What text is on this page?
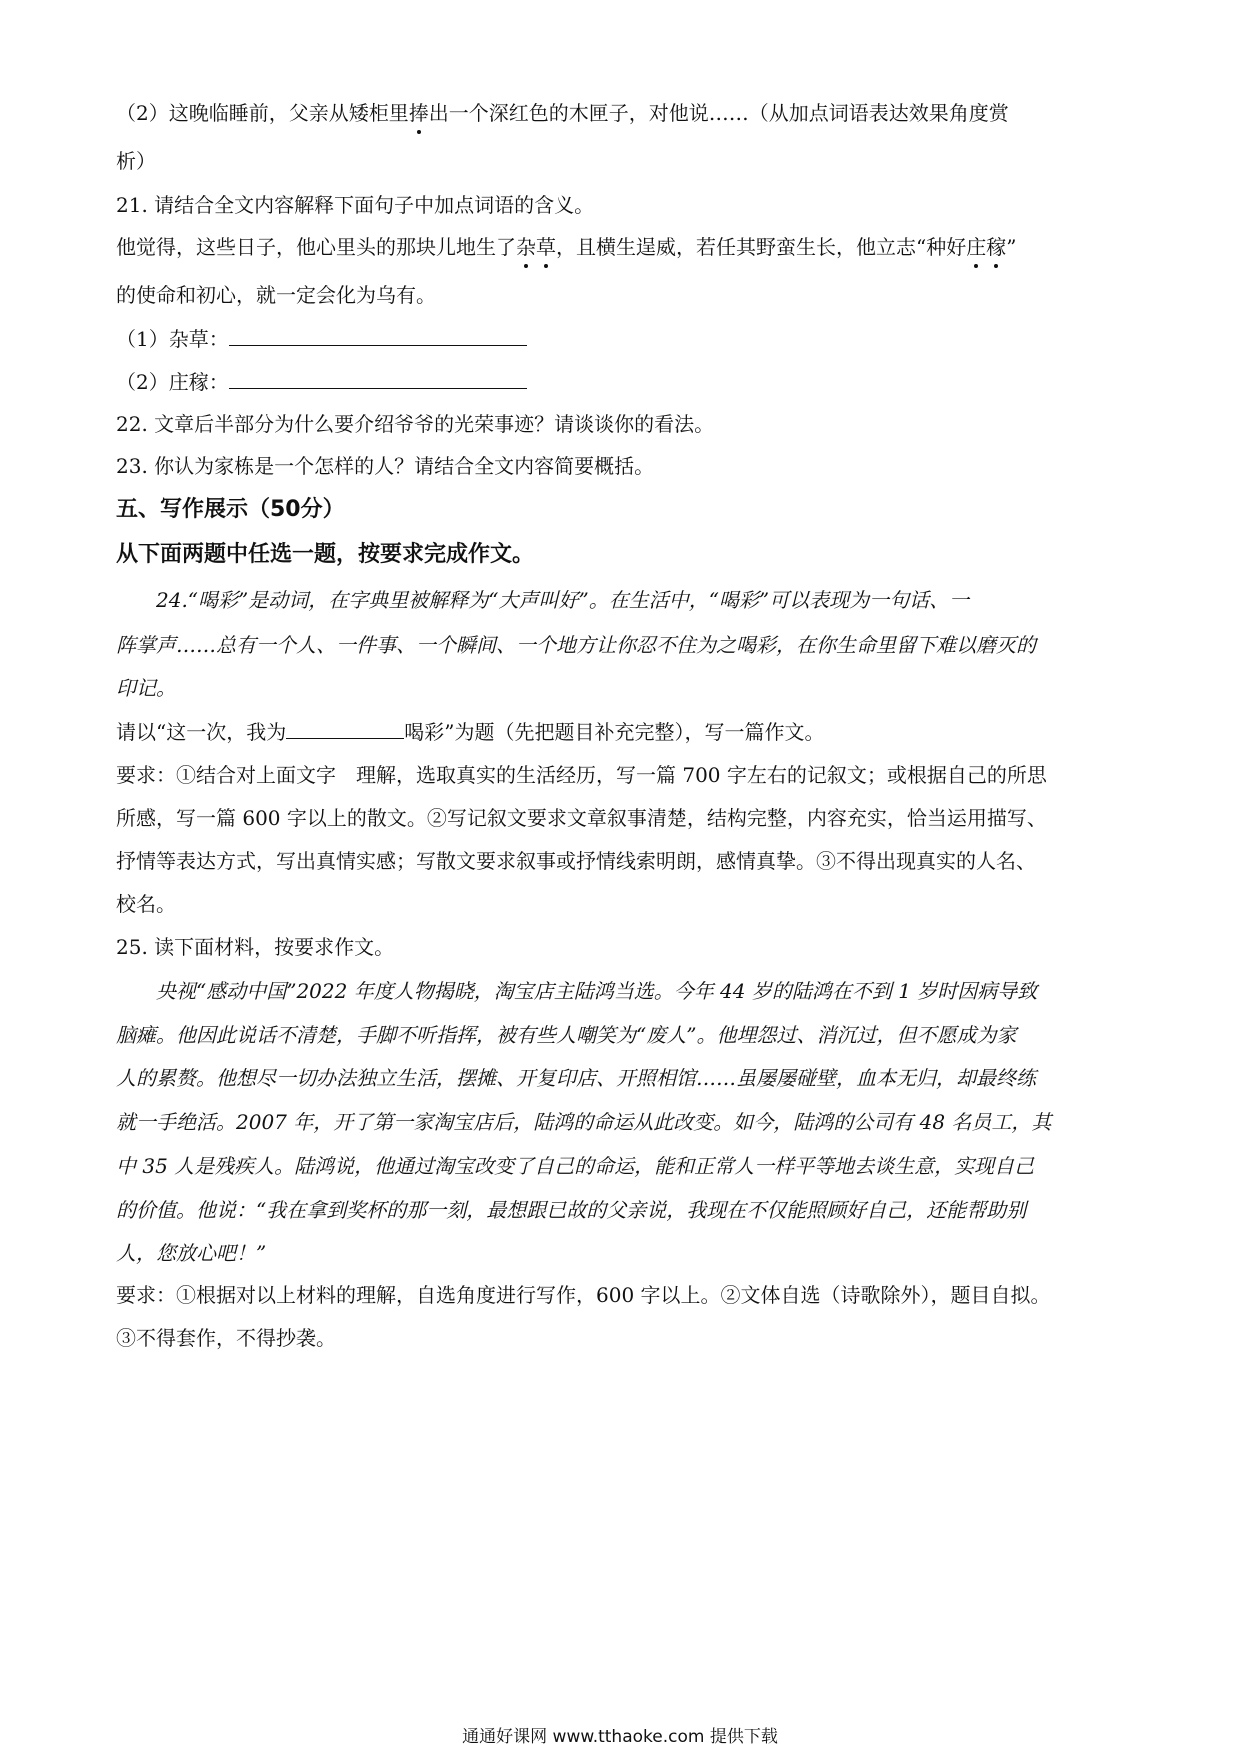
（2）这晚临睡前，父亲从矮柜里捧出一个深红色的木匣子，对他说……（从加点词语表达效果角度赏
析）
21. 请结合全文内容解释下面句子中加点词语的含义。
他觉得，这些日子，他心里头的那块儿地生了杂草，且横生逞威，若任其野蛮生长，他立志“种好庄稼”
的使命和初心，就一定会化为乌有。
（1）杂草：
（2）庄稼：
22. 文章后半部分为什么要介绍爷爷的光荣事迹？请谈谈你的看法。
23. 你认为家栋是一个怎样的人？请结合全文内容简要概括。
五、写作展示（50分）
从下面两题中任选一题，按要求完成作文。
24.“喝彩”是动词，在字典里被解释为“大声叫好”。在生活中，“喝彩”可以表现为一句话、一
阵掌声……总有一个人、一件事、一个瞬间、一个地方让你忍不住为之喝彩，在你生命里留下难以磨灭的
印记。
请以“这一次，我为	喝彩”为题（先把题目补充完整），写一篇作文。
要求：①结合对上面文字　理解，选取真实的生活经历，写一篇 700 字左右的记叙文；或根据自己的所思
所感，写一篇 600 字以上的散文。②写记叙文要求文章叙事清楚，结构完整，内容充实，恰当运用描写、
抒情等表达方式，写出真情实感；写散文要求叙事或抒情线索明朗，感情真挚。③不得出现真实的人名、
校名。
25. 读下面材料，按要求作文。
央视“感动中国”2022 年度人物揭晓，淘宝店主陆鸿当选。今年 44 岁的陆鸿在不到 1 岁时因病导致
脑瘫。他因此说话不清楚，手脚不听指挥，被有些人嘲笑为“废人”。他埋怨过、消沉过，但不愿成为家
人的累赘。他想尽一切办法独立生活，摆摊、开复印店、开照相馆……虽屡屡碰壁，血本无归，却最终练
就一手绝活。2007 年，开了第一家淘宝店后，陆鸿的命运从此改变。如今，陆鸿的公司有 48 名员工，其
中 35 人是残疾人。陆鸿说，他通过淘宝改变了自己的命运，能和正常人一样平等地去谈生意，实现自己
的价值。他说：“我在拿到奖杯的那一刻，最想跟已故的父亲说，我现在不仅能照顾好自己，还能帮助别
人，您放心吧！”
要求：①根据对以上材料的理解，自选角度进行写作，600 字以上。②文体自选（诗歌除外），题目自拟。
③不得套作，不得抄袭。
通通好课网 www.tthaoke.com 提供下载
